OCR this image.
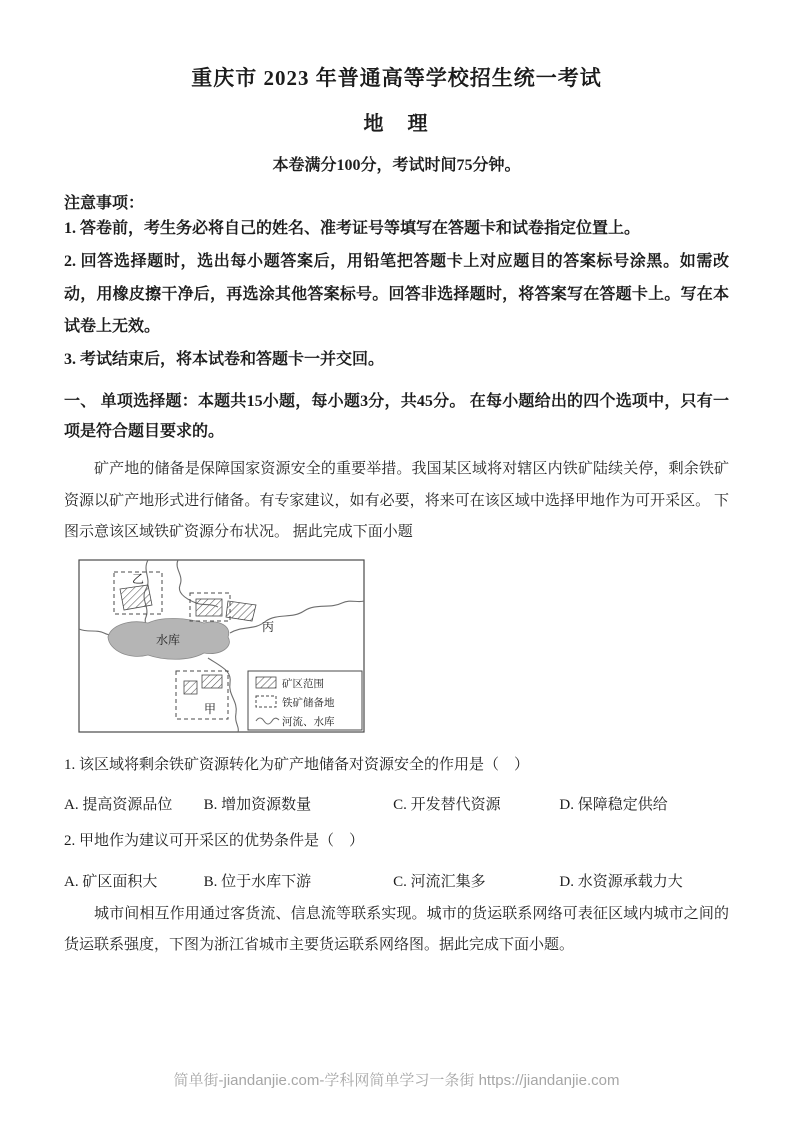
重庆市 2023 年普通高等学校招生统一考试
地　理
本卷满分100分，考试时间75分钟。
注意事项：

1. 答卷前，考生务必将自己的姓名、准考证号等填写在答题卡和试卷指定位置上。

2. 回答选择题时，选出每小题答案后，用铅笔把答题卡上对应题目的答案标号涂黑。如需改动，用橡皮擦干净后，再选涂其他答案标号。回答非选择题时，将答案写在答题卡上。写在本试卷上无效。

3. 考试结束后，将本试卷和答题卡一并交回。

一、 单项选择题：本题共15小题，每小题3分，共45分。 在每小题给出的四个选项中，只有一项是符合题目要求的。

矿产地的储备是保障国家资源安全的重要举措。我国某区域将对辖区内铁矿陆续关停，剩余铁矿资源以矿产地形式进行储备。有专家建议，如有必要，将来可在该区域中选择甲地作为可开采区。 下图示意该区域铁矿资源分布状况。 据此完成下面小题

水库
乙
丙
甲
矿区范围
铁矿储备地
河流、水库
1. 该区域将剩余铁矿资源转化为矿产地储备对资源安全的作用是（　）
A. 提高资源品位	B. 增加资源数量	C. 开发替代资源	D. 保障稳定供给
2. 甲地作为建议可开采区的优势条件是（　）
A. 矿区面积大	B. 位于水库下游	C. 河流汇集多	D. 水资源承载力大

城市间相互作用通过客货流、信息流等联系实现。城市的货运联系网络可表征区域内城市之间的货运联系强度，下图为浙江省城市主要货运联系网络图。据此完成下面小题。

简单街-jiandanjie.com-学科网简单学习一条街 https://jiandanjie.com
